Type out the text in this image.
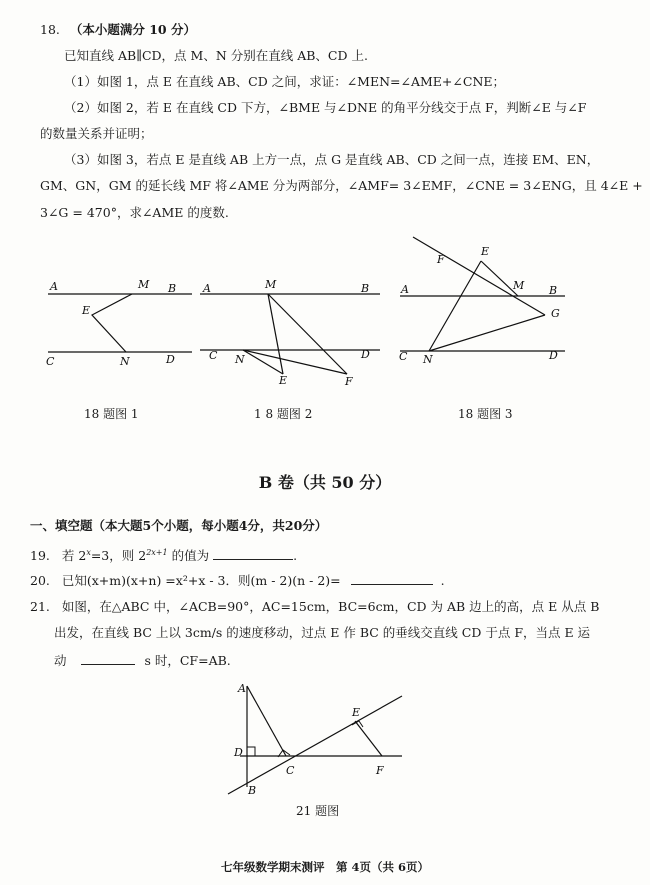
18. （本小题满分 10 分）
已知直线 AB∥CD，点 M、N 分别在直线 AB、CD 上.
（1）如图 1，点 E 在直线 AB、CD 之间，求证：∠MEN=∠AME+∠CNE；
（2）如图 2，若 E 在直线 CD 下方，∠BME 与∠DNE 的角平分线交于点 F，判断∠E 与∠F
的数量关系并证明；
（3）如图 3，若点 E 是直线 AB 上方一点，点 G 是直线 AB、CD 之间一点，连接 EM、EN，
GM、GN，GM 的延长线 MF 将∠AME 分为两部分，∠AMF= 3∠EMF，∠CNE = 3∠ENG，且 4∠E +
3∠G = 470°，求∠AME 的度数.
A	M B
E
C	N	D
18 题图 1
A	M	B
C N	D
E	F
1 8 题图 2
F
E
A	M B
G
C N	D
18 题图 3
B 卷（共 50 分）
一、填空题（本大题5个小题，每小题4分，共20分）
19. 若 $2^x=3$，则 $2^{2x+1}$ 的值为	.
20. 已知(x+m)(x+n) =x²+x - 3．则(m - 2)(n - 2)=	.
21. 如图，在△ABC 中，∠ACB=90°，AC=15cm，BC=6cm，CD 为 AB 边上的高，点 E 从点 B
出发，在直线 BC 上以 3cm/s 的速度移动，过点 E 作 BC 的垂线交直线 CD 于点 F，当点 E 运
动	s 时，CF=AB.
A
D
B
C
E
F
21 题图
七年级数学期末测评　第 4页（共 6页）
